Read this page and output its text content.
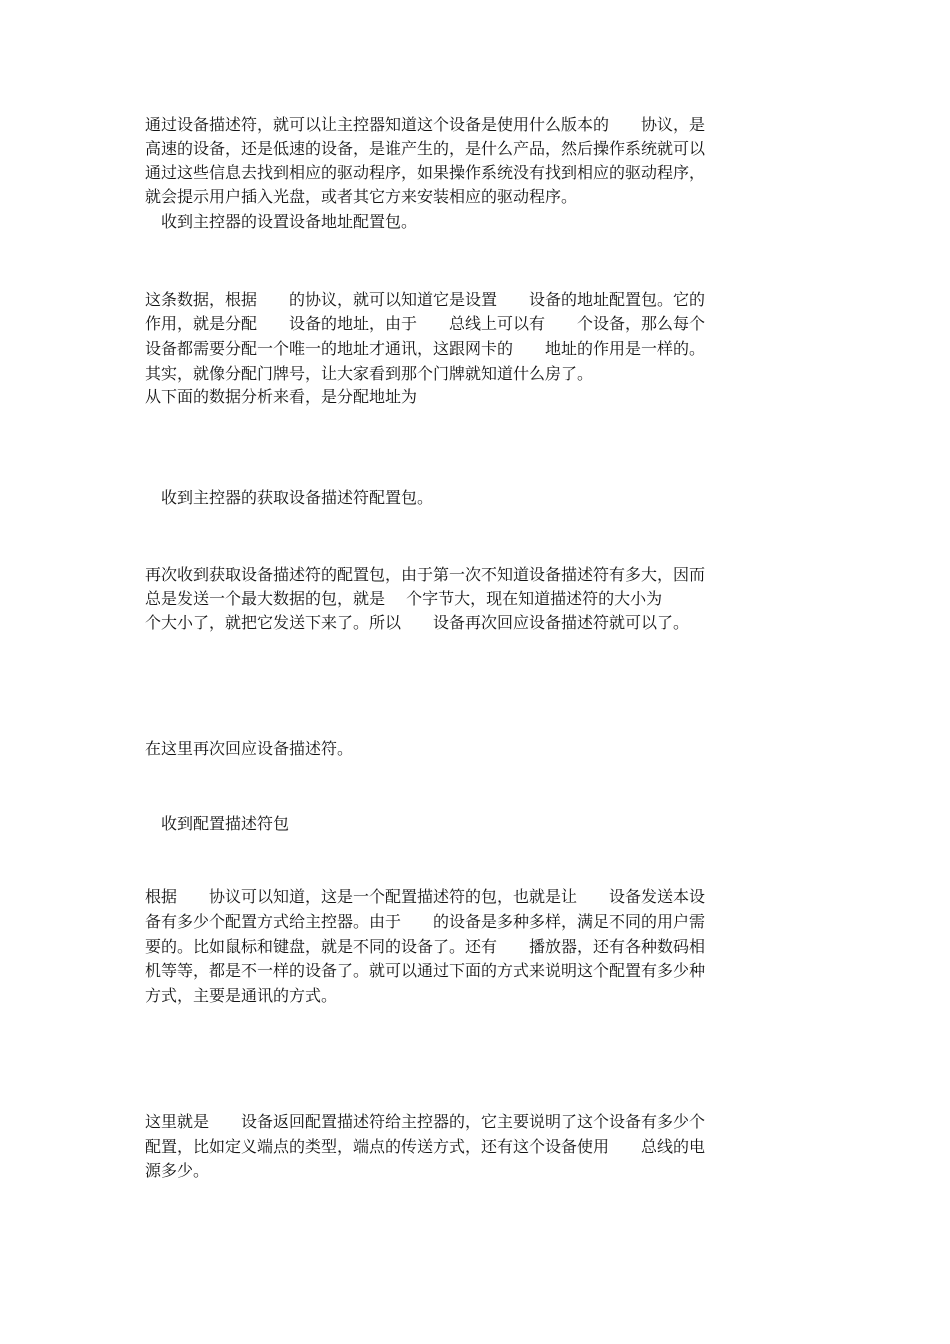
通过设备描述符，就可以让主控器知道这个设备是使用什么版本的　　协议，是

高速的设备，还是低速的设备，是谁产生的，是什么产品，然后操作系统就可以

通过这些信息去找到相应的驱动程序，如果操作系统没有找到相应的驱动程序，

就会提示用户插入光盘，或者其它方来安装相应的驱动程序。

　收到主控器的设置设备地址配置包。

这条数据，根据　　的协议，就可以知道它是设置　　设备的地址配置包。它的

作用，就是分配　　设备的地址，由于　　总线上可以有　　个设备，那么每个

设备都需要分配一个唯一的地址才通讯，这跟网卡的　　地址的作用是一样的。

其实，就像分配门牌号，让大家看到那个门牌就知道什么房了。

从下面的数据分析来看，是分配地址为

　收到主控器的获取设备描述符配置包。

再次收到获取设备描述符的配置包，由于第一次不知道设备描述符有多大，因而

总是发送一个最大数据的包，就是　 个字节大，现在知道描述符的大小为

个大小了，就把它发送下来了。所以　　设备再次回应设备描述符就可以了。

在这里再次回应设备描述符。

　收到配置描述符包

根据　　协议可以知道，这是一个配置描述符的包，也就是让　　设备发送本设

备有多少个配置方式给主控器。由于　　的设备是多种多样，满足不同的用户需

要的。比如鼠标和键盘，就是不同的设备了。还有　　播放器，还有各种数码相

机等等，都是不一样的设备了。就可以通过下面的方式来说明这个配置有多少种

方式，主要是通讯的方式。

这里就是　　设备返回配置描述符给主控器的，它主要说明了这个设备有多少个

配置，比如定义端点的类型，端点的传送方式，还有这个设备使用　　总线的电

源多少。
